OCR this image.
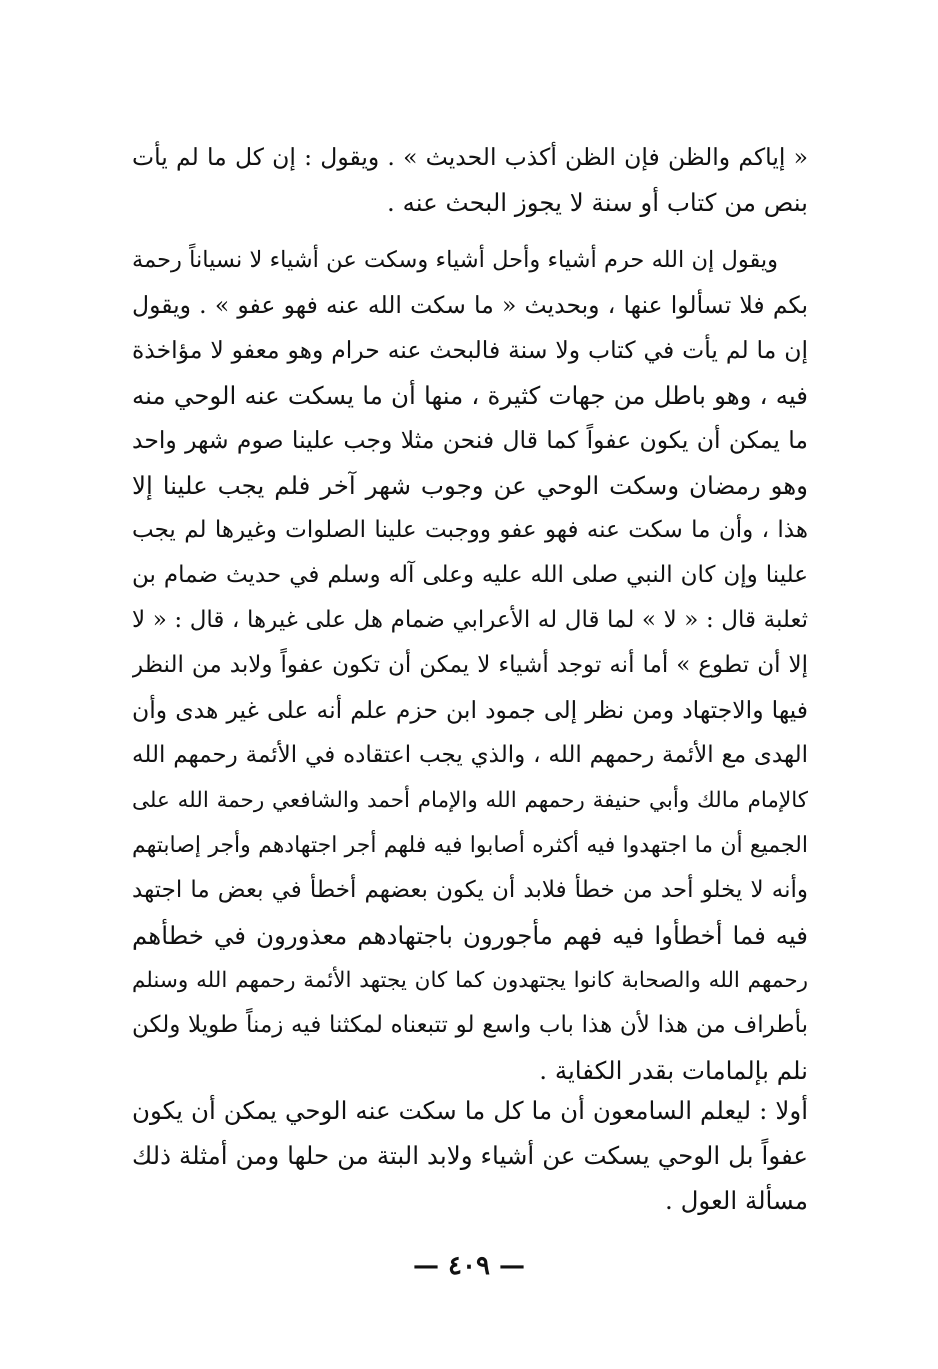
« إياكم والظن فإن الظن أكذب الحديث » . ويقول : إن كل ما لم يأت
بنص من كتاب أو سنة لا يجوز البحث عنه .
ويقول إن الله حرم أشياء وأحل أشياء وسكت عن أشياء لا نسياناً رحمة
بكم فلا تسألوا عنها ، وبحديث « ما سكت الله عنه فهو عفو » . ويقول
إن ما لم يأت في كتاب ولا سنة فالبحث عنه حرام وهو معفو لا مؤاخذة
فيه ، وهو باطل من جهات كثيرة ، منها أن ما يسكت عنه الوحي منه
ما يمكن أن يكون عفواً كما قال فنحن مثلا وجب علينا صوم شهر واحد
وهو رمضان وسكت الوحي عن وجوب شهر آخر فلم يجب علينا إلا
هذا ، وأن ما سكت عنه فهو عفو ووجبت علينا الصلوات وغيرها لم يجب
علينا وإن كان النبي صلى الله عليه وعلى آله وسلم في حديث ضمام بن
ثعلبة قال : « لا » لما قال له الأعرابي ضمام هل على غيرها ، قال : « لا
إلا أن تطوع » أما أنه توجد أشياء لا يمكن أن تكون عفواً ولابد من النظر
فيها والاجتهاد ومن نظر إلى جمود ابن حزم علم أنه على غير هدى وأن
الهدى مع الأئمة رحمهم الله ، والذي يجب اعتقاده في الأئمة رحمهم الله
كالإمام مالك وأبي حنيفة رحمهم الله والإمام أحمد والشافعي رحمة الله على
الجميع أن ما اجتهدوا فيه أكثره أصابوا فيه فلهم أجر اجتهادهم وأجر إصابتهم
وأنه لا يخلو أحد من خطأ فلابد أن يكون بعضهم أخطأ في بعض ما اجتهد
فيه فما أخطأوا فيه فهم مأجورون باجتهادهم معذورون في خطأهم
رحمهم الله والصحابة كانوا يجتهدون كما كان يجتهد الأئمة رحمهم الله وسنلم
بأطراف من هذا لأن هذا باب واسع لو تتبعناه لمكثنا فيه زمناً طويلا ولكن
نلم بإلمامات بقدر الكفاية .
أولا : ليعلم السامعون أن ما كل ما سكت عنه الوحي يمكن أن يكون
عفواً بل الوحي يسكت عن أشياء ولابد البتة من حلها ومن أمثلة ذلك
مسألة العول .
— ٤٠٩ —
